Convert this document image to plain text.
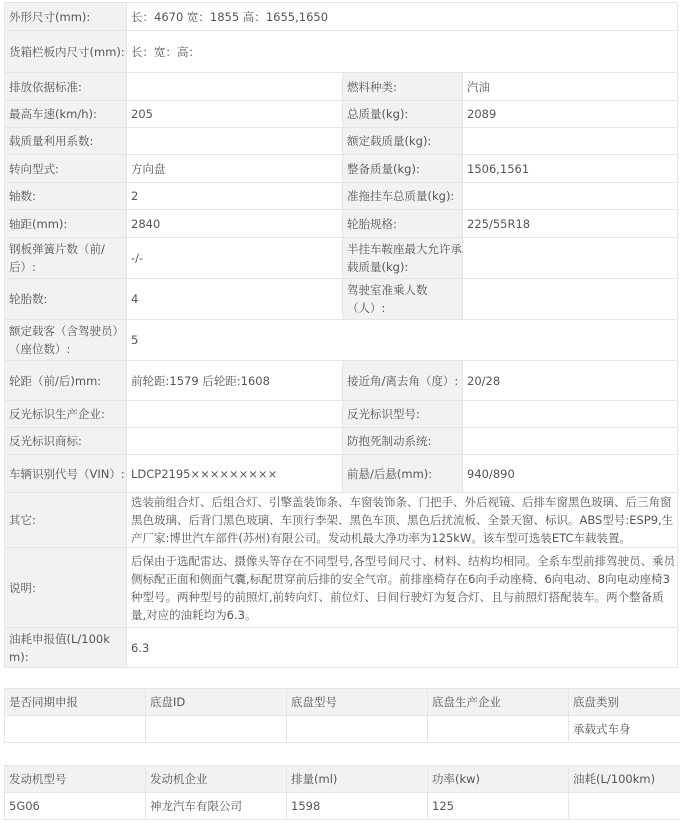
外形尺寸(mm):	长：4670 宽：1855 高：1655,1650		
货箱栏板内尺寸(mm):	长：宽：高：		
排放依据标准:		燃料种类:	汽油
最高车速(km/h):	205	总质量(kg):	2089
载质量利用系数:		额定载质量(kg):	
转向型式:	方向盘	整备质量(kg):	1506,1561
轴数:	2	准拖挂车总质量(kg):	
轴距(mm):	2840	轮胎规格:	225/55R18
钢板弹簧片数（前/后）:	-/-	半挂车鞍座最大允许承载质量(kg):	
轮胎数:	4	驾驶室准乘人数（人）:	
额定载客（含驾驶员）（座位数）:	5		
轮距（前/后)mm:	前轮距:1579 后轮距:1608	接近角/离去角（度）:	20/28
反光标识生产企业:		反光标识型号:	
反光标识商标:		防抱死制动系统:	
车辆识别代号（VIN）:	LDCP2195×××××××××	前悬/后悬(mm):	940/890
其它:	选装前组合灯、后组合灯、引擎盖装饰条、车窗装饰条、门把手、外后视镜、后排车窗黑色玻璃、后三角窗黑色玻璃、后背门黑色玻璃、车顶行李架、黑色车顶、黑色后扰流板、全景天窗、标识。ABS型号:ESP9,生产厂家:博世汽车部件(苏州)有限公司。发动机最大净功率为125kW。该车型可选装ETC车载装置。		
说明:	后保由于选配雷达、摄像头等存在不同型号,各型号间尺寸、材料、结构均相同。全系车型前排驾驶员、乘员侧标配正面和侧面气囊,标配贯穿前后排的安全气帘。前排座椅存在6向手动座椅、6向电动、8向电动座椅3种型号。两种型号的前照灯,前转向灯、前位灯、日间行驶灯为复合灯、且与前照灯搭配装车。两个整备质量,对应的油耗均为6.3。		
油耗申报值(L/100km):	6.3		
是否同期申报	底盘ID	底盘型号	底盘生产企业	底盘类别
				承载式车身
发动机型号	发动机企业	排量(ml)	功率(kw)	油耗(L/100km)
5G06	神龙汽车有限公司	1598	125	
